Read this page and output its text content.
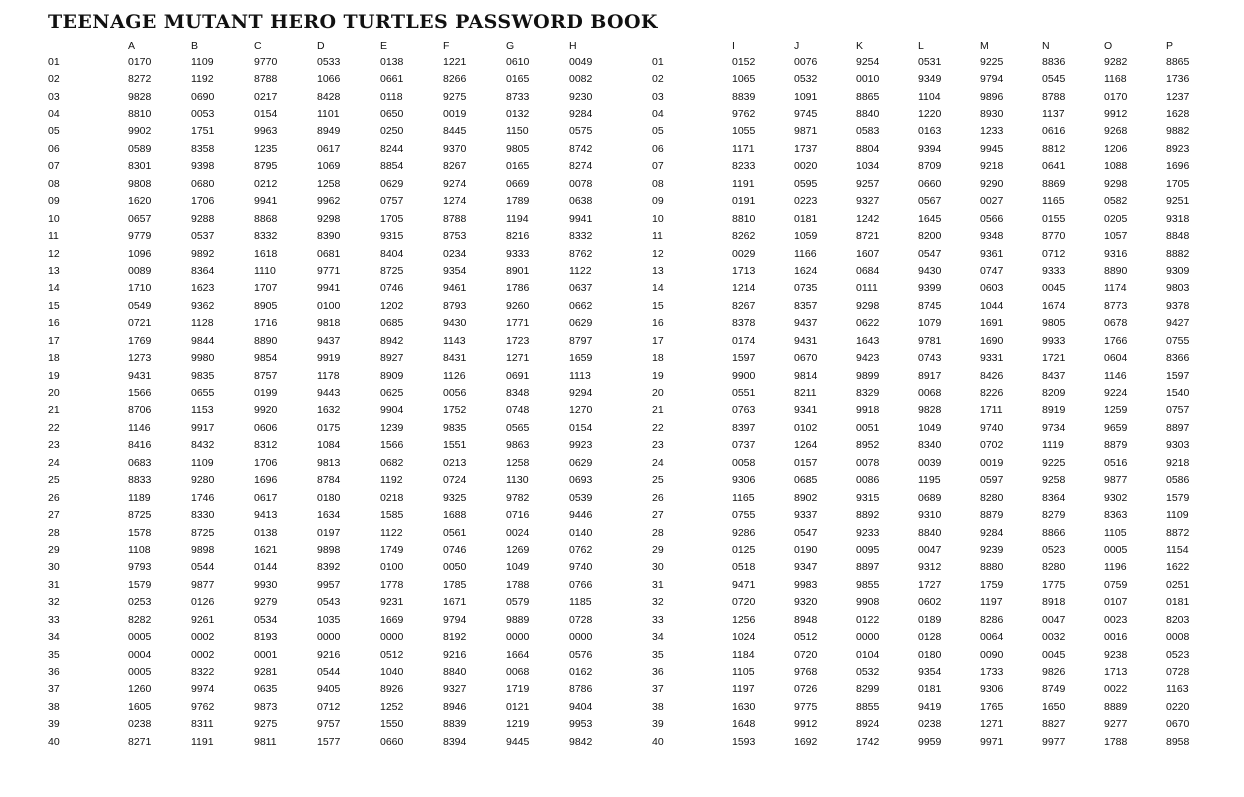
TEENAGE MUTANT HERO TURTLES PASSWORD BOOK
	A	B	C	D	E	F	G	H
01	0170	1109	9770	0533	0138	1221	0610	0049
02	8272	1192	8788	1066	0661	8266	0165	0082
03	9828	0690	0217	8428	0118	9275	8733	9230
04	8810	0053	0154	1101	0650	0019	0132	9284
05	9902	1751	9963	8949	0250	8445	1150	0575
06	0589	8358	1235	0617	8244	9370	9805	8742
07	8301	9398	8795	1069	8854	8267	0165	8274
08	9808	0680	0212	1258	0629	9274	0669	0078
09	1620	1706	9941	9962	0757	1274	1789	0638
10	0657	9288	8868	9298	1705	8788	1194	9941
11	9779	0537	8332	8390	9315	8753	8216	8332
12	1096	9892	1618	0681	8404	0234	9333	8762
13	0089	8364	1110	9771	8725	9354	8901	1122
14	1710	1623	1707	9941	0746	9461	1786	0637
15	0549	9362	8905	0100	1202	8793	9260	0662
16	0721	1128	1716	9818	0685	9430	1771	0629
17	1769	9844	8890	9437	8942	1143	1723	8797
18	1273	9980	9854	9919	8927	8431	1271	1659
19	9431	9835	8757	1178	8909	1126	0691	1113
20	1566	0655	0199	9443	0625	0056	8348	9294
21	8706	1153	9920	1632	9904	1752	0748	1270
22	1146	9917	0606	0175	1239	9835	0565	0154
23	8416	8432	8312	1084	1566	1551	9863	9923
24	0683	1109	1706	9813	0682	0213	1258	0629
25	8833	9280	1696	8784	1192	0724	1130	0693
26	1189	1746	0617	0180	0218	9325	9782	0539
27	8725	8330	9413	1634	1585	1688	0716	9446
28	1578	8725	0138	0197	1122	0561	0024	0140
29	1108	9898	1621	9898	1749	0746	1269	0762
30	9793	0544	0144	8392	0100	0050	1049	9740
31	1579	9877	9930	9957	1778	1785	1788	0766
32	0253	0126	9279	0543	9231	1671	0579	1185
33	8282	9261	0534	1035	1669	9794	9889	0728
34	0005	0002	8193	0000	0000	8192	0000	0000
35	0004	0002	0001	9216	0512	9216	1664	0576
36	0005	8322	9281	0544	1040	8840	0068	0162
37	1260	9974	0635	9405	8926	9327	1719	8786
38	1605	9762	9873	0712	1252	8946	0121	9404
39	0238	8311	9275	9757	1550	8839	1219	9953
40	8271	1191	9811	1577	0660	8394	9445	9842
	I	J	K	L	M	N	O	P
01	0152	0076	9254	0531	9225	8836	9282	8865
02	1065	0532	0010	9349	9794	0545	1168	1736
03	8839	1091	8865	1104	9896	8788	0170	1237
04	9762	9745	8840	1220	8930	1137	9912	1628
05	1055	9871	0583	0163	1233	0616	9268	9882
06	1171	1737	8804	9394	9945	8812	1206	8923
07	8233	0020	1034	8709	9218	0641	1088	1696
08	1191	0595	9257	0660	9290	8869	9298	1705
09	0191	0223	9327	0567	0027	1165	0582	9251
10	8810	0181	1242	1645	0566	0155	0205	9318
11	8262	1059	8721	8200	9348	8770	1057	8848
12	0029	1166	1607	0547	9361	0712	9316	8882
13	1713	1624	0684	9430	0747	9333	8890	9309
14	1214	0735	0111	9399	0603	0045	1174	9803
15	8267	8357	9298	8745	1044	1674	8773	9378
16	8378	9437	0622	1079	1691	9805	0678	9427
17	0174	9431	1643	9781	1690	9933	1766	0755
18	1597	0670	9423	0743	9331	1721	0604	8366
19	9900	9814	9899	8917	8426	8437	1146	1597
20	0551	8211	8329	0068	8226	8209	9224	1540
21	0763	9341	9918	9828	1711	8919	1259	0757
22	8397	0102	0051	1049	9740	9734	9659	8897
23	0737	1264	8952	8340	0702	1119	8879	9303
24	0058	0157	0078	0039	0019	9225	0516	9218
25	9306	0685	0086	1195	0597	9258	9877	0586
26	1165	8902	9315	0689	8280	8364	9302	1579
27	0755	9337	8892	9310	8879	8279	8363	1109
28	9286	0547	9233	8840	9284	8866	1105	8872
29	0125	0190	0095	0047	9239	0523	0005	1154
30	0518	9347	8897	9312	8880	8280	1196	1622
31	9471	9983	9855	1727	1759	1775	0759	0251
32	0720	9320	9908	0602	1197	8918	0107	0181
33	1256	8948	0122	0189	8286	0047	0023	8203
34	1024	0512	0000	0128	0064	0032	0016	0008
35	1184	0720	0104	0180	0090	0045	9238	0523
36	1105	9768	0532	9354	1733	9826	1713	0728
37	1197	0726	8299	0181	9306	8749	0022	1163
38	1630	9775	8855	9419	1765	1650	8889	0220
39	1648	9912	8924	0238	1271	8827	9277	0670
40	1593	1692	1742	9959	9971	9977	1788	8958
